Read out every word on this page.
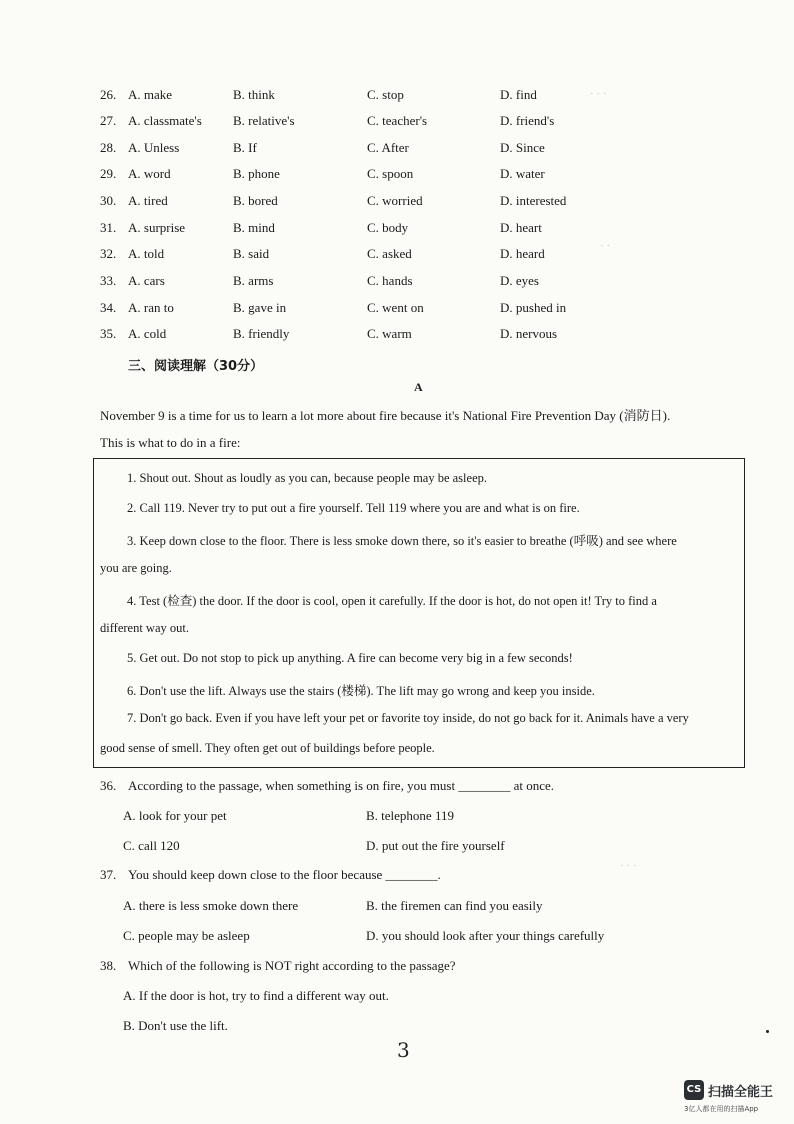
· · ·
· ·
· · ·
26. A. make	B. think	C. stop	D. find
27. A. classmate's B. relative's	C. teacher's	D. friend's
28. A. Unless	B. If	C. After	D. Since
29. A. word	B. phone	C. spoon	D. water
30. A. tired	B. bored	C. worried	D. interested
31. A. surprise	B. mind	C. body	D. heart
32. A. told	B. said	C. asked	D. heard
33. A. cars	B. arms	C. hands	D. eyes
34. A. ran to	B. gave in	C. went on	D. pushed in
35. A. cold	B. friendly	C. warm	D. nervous
三、阅读理解（30分）
A
November 9 is a time for us to learn a lot more about fire because it's National Fire Prevention Day (消防日).
This is what to do in a fire:
1. Shout out. Shout as loudly as you can, because people may be asleep.
2. Call 119. Never try to put out a fire yourself. Tell 119 where you are and what is on fire.
3. Keep down close to the floor. There is less smoke down there, so it's easier to breathe (呼吸) and see where
you are going.
4. Test (检查) the door. If the door is cool, open it carefully. If the door is hot, do not open it! Try to find a
different way out.
5. Get out. Do not stop to pick up anything. A fire can become very big in a few seconds!
6. Don't use the lift. Always use the stairs (楼梯). The lift may go wrong and keep you inside.
7. Don't go back. Even if you have left your pet or favorite toy inside, do not go back for it. Animals have a very
good sense of smell. They often get out of buildings before people.
36. According to the passage, when something is on fire, you must ________ at once.
A. look for your pet	B. telephone 119
C. call 120	D. put out the fire yourself
37. You should keep down close to the floor because ________.
A. there is less smoke down there	B. the firemen can find you easily
C. people may be asleep	D. you should look after your things carefully
38. Which of the following is NOT right according to the passage?
A. If the door is hot, try to find a different way out.
B. Don't use the lift.
3
CS 扫描全能王
3亿人都在用的扫描App
